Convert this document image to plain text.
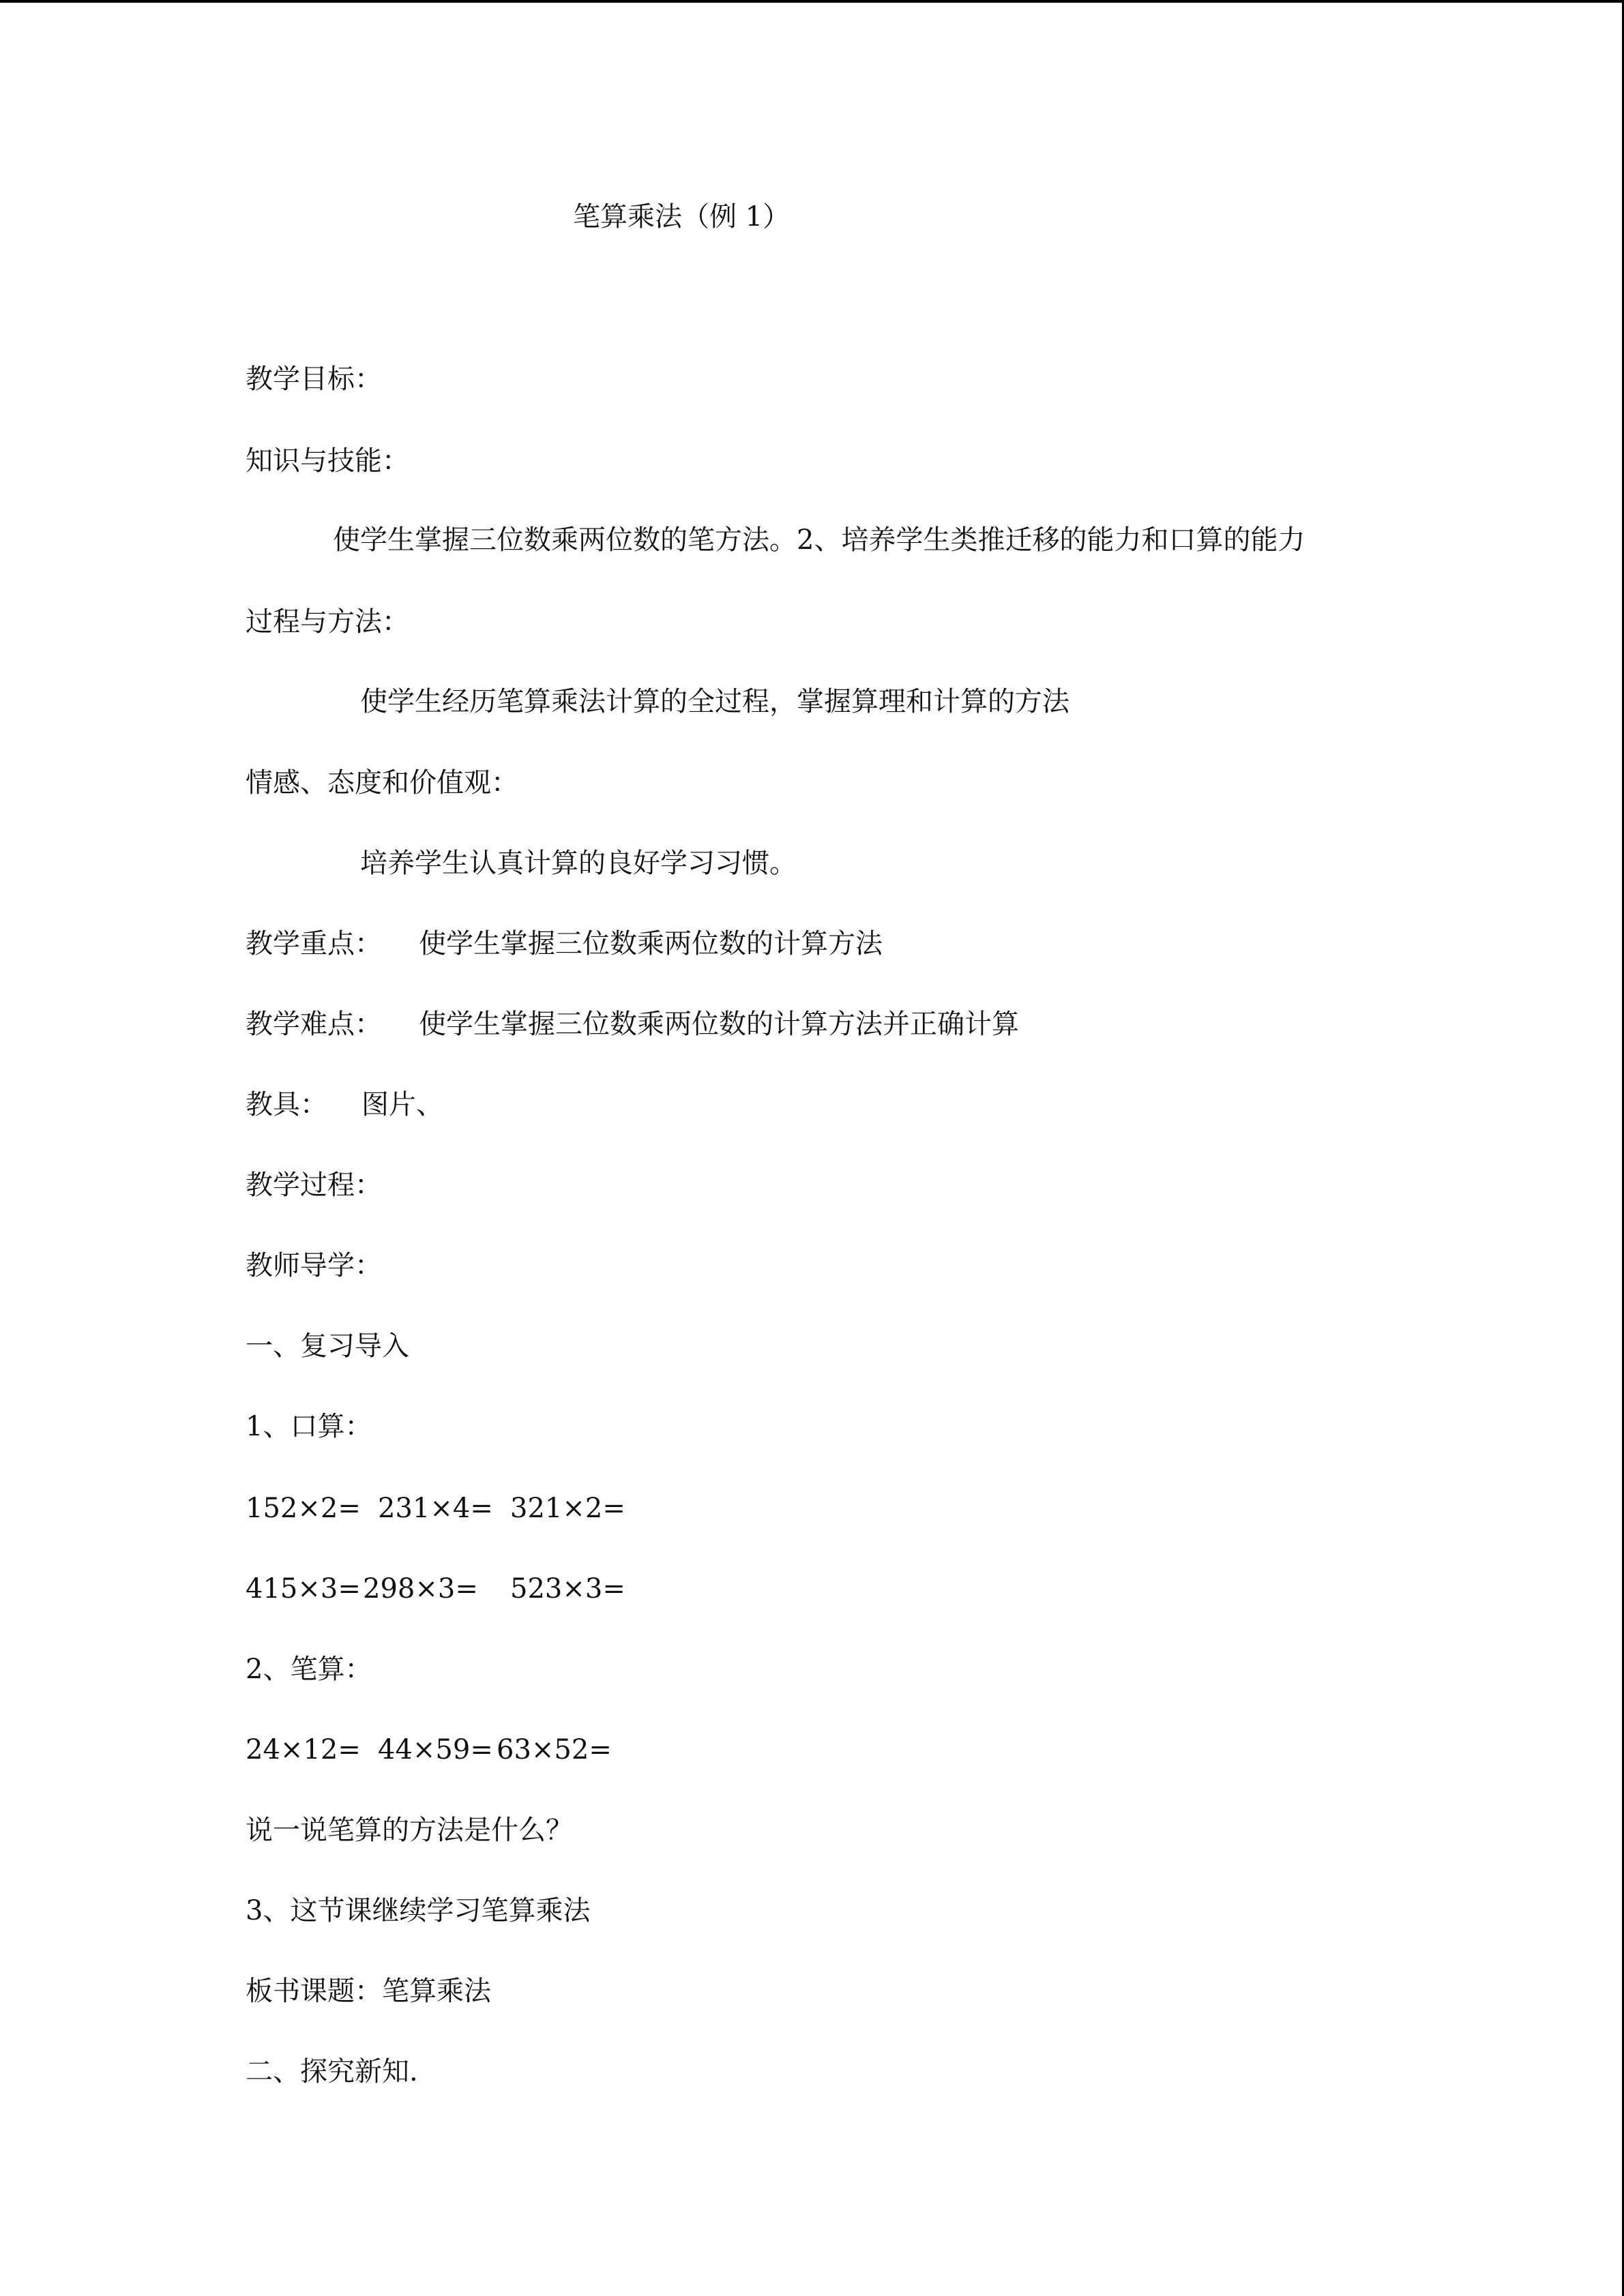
笔算乘法（例 1）
教学目标：
知识与技能：
使学生掌握三位数乘两位数的笔方法。2、培养学生类推迁移的能力和口算的能力
过程与方法：
使学生经历笔算乘法计算的全过程，掌握算理和计算的方法
情感、态度和价值观：
培养学生认真计算的良好学习习惯。
教学重点： 使学生掌握三位数乘两位数的计算方法
教学难点： 使学生掌握三位数乘两位数的计算方法并正确计算
教具： 图片、
教学过程：
教师导学：
一、复习导入
1、口算：
152×2= 231×4= 321×2=
415×3= 298×3= 523×3=
2、笔算：
24×12= 44×59= 63×52=
说一说笔算的方法是什么？
3、这节课继续学习笔算乘法
板书课题：笔算乘法
二、探究新知.
